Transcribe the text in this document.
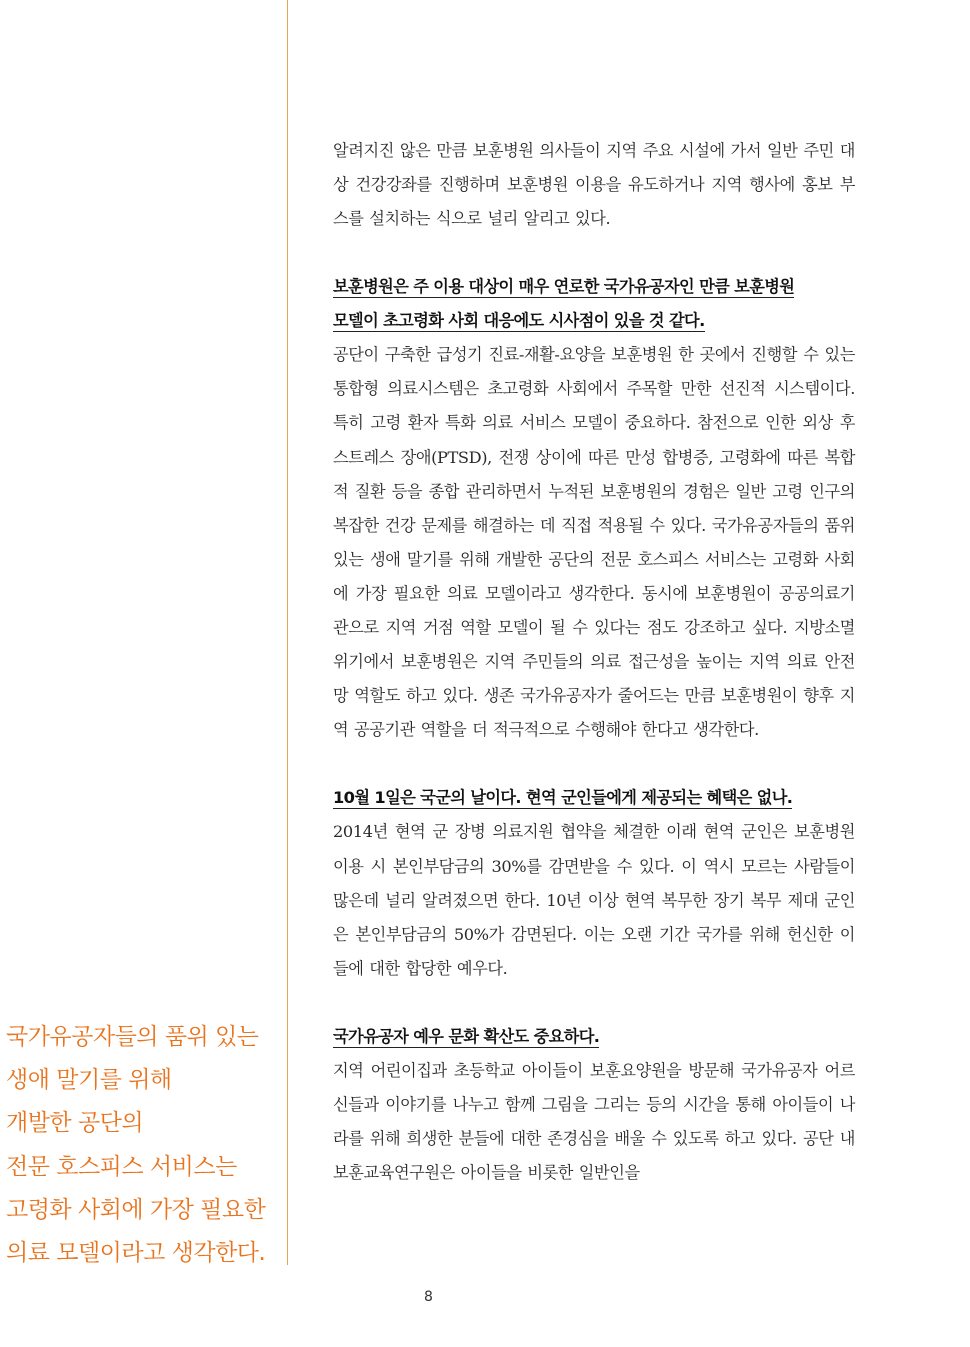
국가유공자들의 품위 있는
생애 말기를 위해
개발한 공단의
전문 호스피스 서비스는
고령화 사회에 가장 필요한
의료 모델이라고 생각한다.

알려지진 않은 만큼 보훈병원 의사들이 지역 주요 시설에 가서 일반 주민 대상 건강강좌를 진행하며 보훈병원 이용을 유도하거나 지역 행사에 홍보 부스를 설치하는 식으로 널리 알리고 있다.

보훈병원은 주 이용 대상이 매우 연로한 국가유공자인 만큼 보훈병원
모델이 초고령화 사회 대응에도 시사점이 있을 것 같다.

공단이 구축한 급성기 진료-재활-요양을 보훈병원 한 곳에서 진행할 수 있는 통합형 의료시스템은 초고령화 사회에서 주목할 만한 선진적 시스템이다. 특히 고령 환자 특화 의료 서비스 모델이 중요하다. 참전으로 인한 외상 후 스트레스 장애(PTSD), 전쟁 상이에 따른 만성 합병증, 고령화에 따른 복합적 질환 등을 종합 관리하면서 누적된 보훈병원의 경험은 일반 고령 인구의 복잡한 건강 문제를 해결하는 데 직접 적용될 수 있다. 국가유공자들의 품위 있는 생애 말기를 위해 개발한 공단의 전문 호스피스 서비스는 고령화 사회에 가장 필요한 의료 모델이라고 생각한다. 동시에 보훈병원이 공공의료기관으로 지역 거점 역할 모델이 될 수 있다는 점도 강조하고 싶다. 지방소멸 위기에서 보훈병원은 지역 주민들의 의료 접근성을 높이는 지역 의료 안전망 역할도 하고 있다. 생존 국가유공자가 줄어드는 만큼 보훈병원이 향후 지역 공공기관 역할을 더 적극적으로 수행해야 한다고 생각한다.

10월 1일은 국군의 날이다. 현역 군인들에게 제공되는 혜택은 없나.

2014년 현역 군 장병 의료지원 협약을 체결한 이래 현역 군인은 보훈병원 이용 시 본인부담금의 30%를 감면받을 수 있다. 이 역시 모르는 사람들이 많은데 널리 알려졌으면 한다. 10년 이상 현역 복무한 장기 복무 제대 군인은 본인부담금의 50%가 감면된다. 이는 오랜 기간 국가를 위해 헌신한 이들에 대한 합당한 예우다.

국가유공자 예우 문화 확산도 중요하다.

지역 어린이집과 초등학교 아이들이 보훈요양원을 방문해 국가유공자 어르신들과 이야기를 나누고 함께 그림을 그리는 등의 시간을 통해 아이들이 나라를 위해 희생한 분들에 대한 존경심을 배울 수 있도록 하고 있다. 공단 내 보훈교육연구원은 아이들을 비롯한 일반인을

8
